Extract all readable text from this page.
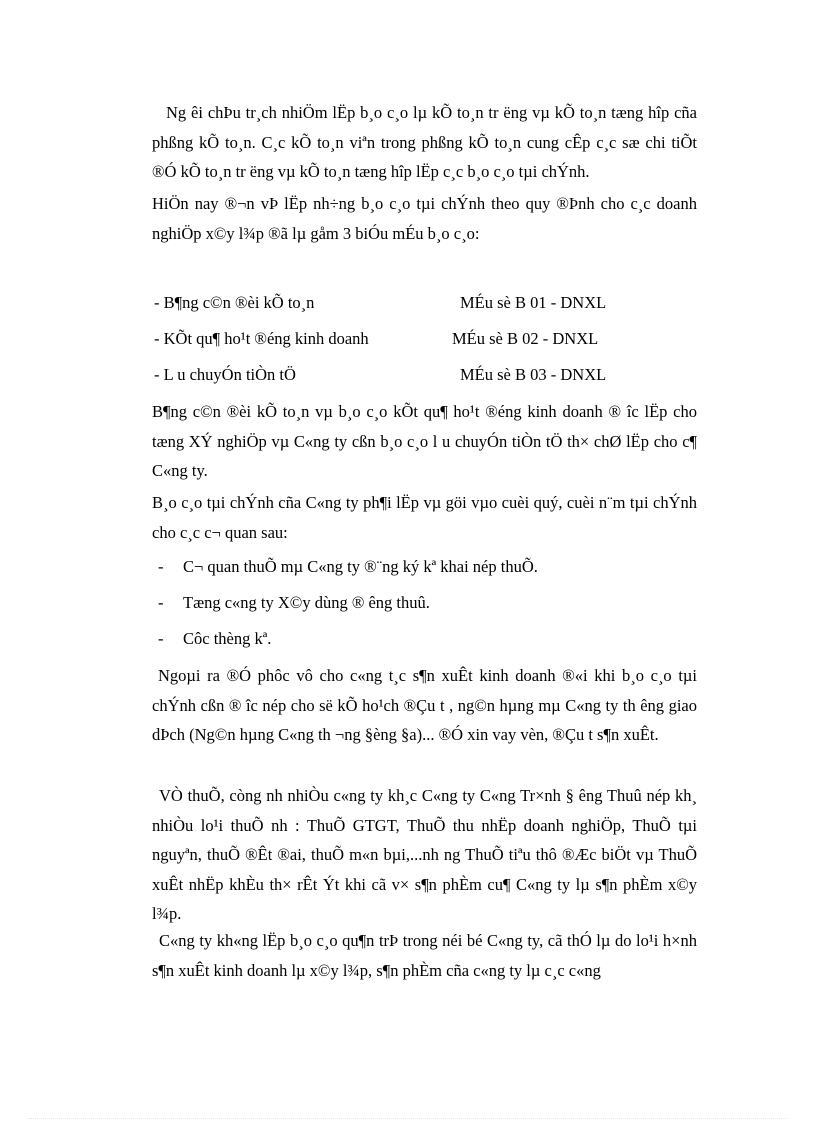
Ng êi chÞu tr¸ch nhiÖm lËp b¸o c¸o lµ kÕ to¸n tr ëng vµ kÕ to¸n tæng hîp cña phßng kÕ to¸n. C¸c kÕ to¸n viªn trong phßng kÕ to¸n cung cÊp c¸c sæ chi tiÕt ®Ó kÕ to¸n tr ëng vµ kÕ to¸n tæng hîp lËp c¸c b¸o c¸o tµi chÝnh.

HiÖn nay ®¬n vÞ lËp nh÷ng b¸o c¸o tµi chÝnh theo quy ®Þnh cho c¸c doanh nghiÖp x©y l¾p ®ã lµ gåm 3 biÓu mÉu b¸o c¸o:

- B¶ng c©n ®èi kÕ to¸n	MÉu sè B 01 - DNXL

- KÕt qu¶ ho¹t ®éng kinh doanh	MÉu sè B 02 - DNXL

- L u chuyÓn tiÒn tÖ	MÉu sè B 03 - DNXL

B¶ng c©n ®èi kÕ to¸n vµ b¸o c¸o kÕt qu¶ ho¹t ®éng kinh doanh ® îc lËp cho tæng XÝ nghiÖp vµ C«ng ty cßn b¸o c¸o l u chuyÓn tiÒn tÖ th× chØ lËp cho c¶ C«ng ty.

B¸o c¸o tµi chÝnh cña C«ng ty ph¶i lËp vµ göi vµo cuèi quý, cuèi n¨m tµi chÝnh cho c¸c c¬ quan sau:

- C¬ quan thuÕ mµ C«ng ty ®¨ng ký kª khai nép thuÕ.

- Tæng c«ng ty X©y dùng ® êng thuû.

- Côc thèng kª.

Ngoµi ra ®Ó phôc vô cho c«ng t¸c s¶n xuÊt kinh doanh ®«i khi b¸o c¸o tµi chÝnh cßn ® îc nép cho së kÕ ho¹ch ®Çu t , ng©n hµng mµ C«ng ty th êng giao dÞch (Ng©n hµng C«ng th ¬ng §èng §a)... ®Ó xin vay vèn, ®Çu t s¶n xuÊt.

VÒ thuÕ, còng nh nhiÒu c«ng ty kh¸c C«ng ty C«ng Tr×nh § êng Thuû nép kh¸ nhiÒu lo¹i thuÕ nh : ThuÕ GTGT, ThuÕ thu nhËp doanh nghiÖp, ThuÕ tµi nguyªn, thuÕ ®Êt ®ai, thuÕ m«n bµi,...nh ng ThuÕ tiªu thô ®Æc biÖt vµ ThuÕ xuÊt nhËp khÈu th× rÊt Ýt khi cã v× s¶n phÈm cu¶ C«ng ty lµ s¶n phÈm x©y l¾p.

C«ng ty kh«ng lËp b¸o c¸o qu¶n trÞ trong néi bé C«ng ty, cã thÓ lµ do lo¹i h×nh s¶n xuÊt kinh doanh lµ x©y l¾p, s¶n phÈm cña c«ng ty lµ c¸c c«ng
